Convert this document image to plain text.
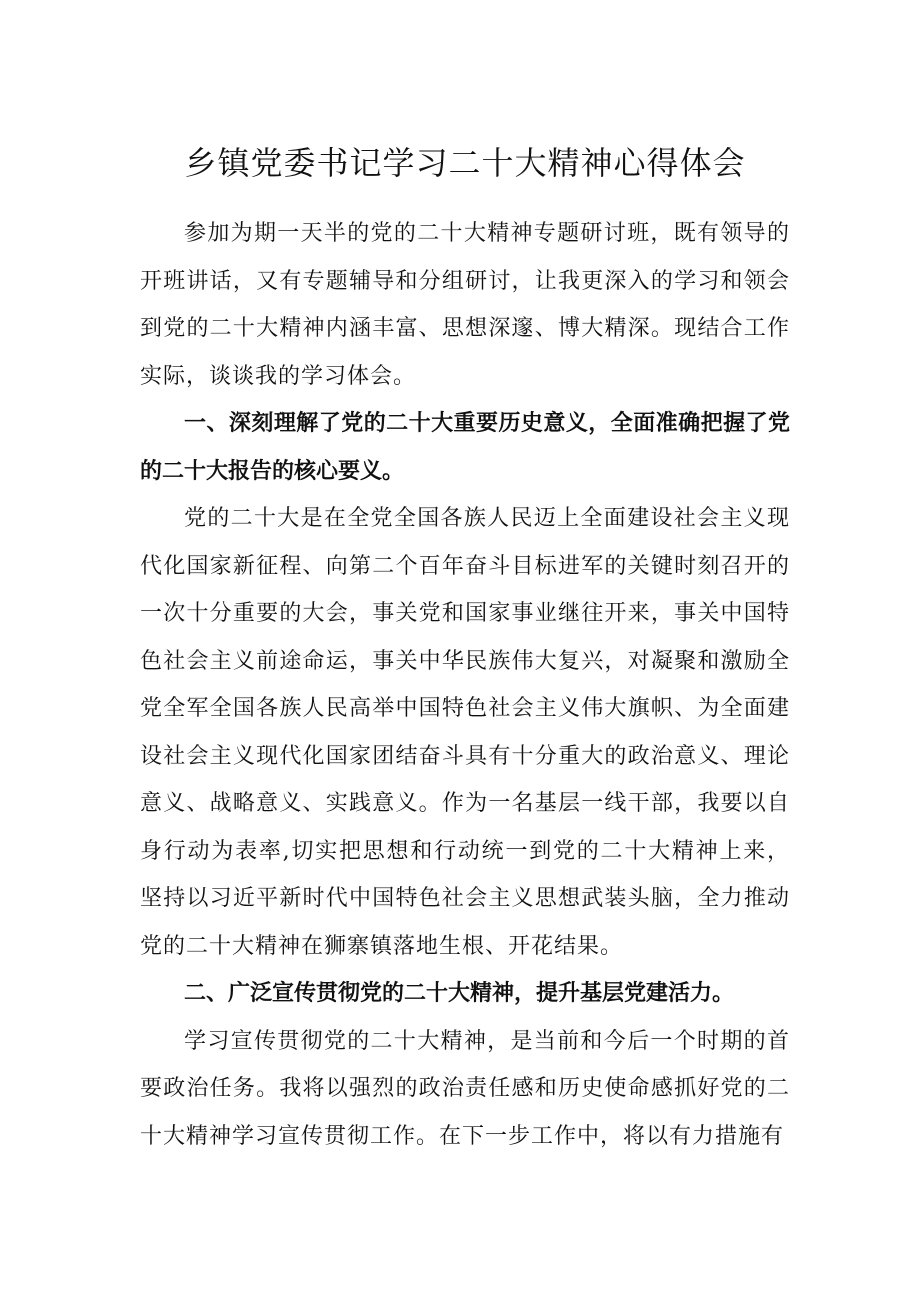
乡镇党委书记学习二十大精神心得体会

参加为期一天半的党的二十大精神专题研讨班，既有领导的开班讲话，又有专题辅导和分组研讨，让我更深入的学习和领会到党的二十大精神内涵丰富、思想深邃、博大精深。现结合工作实际，谈谈我的学习体会。

一、深刻理解了党的二十大重要历史意义，全面准确把握了党的二十大报告的核心要义。

党的二十大是在全党全国各族人民迈上全面建设社会主义现代化国家新征程、向第二个百年奋斗目标进军的关键时刻召开的一次十分重要的大会，事关党和国家事业继往开来，事关中国特色社会主义前途命运，事关中华民族伟大复兴，对凝聚和激励全党全军全国各族人民高举中国特色社会主义伟大旗帜、为全面建设社会主义现代化国家团结奋斗具有十分重大的政治意义、理论意义、战略意义、实践意义。作为一名基层一线干部，我要以自身行动为表率,切实把思想和行动统一到党的二十大精神上来，坚持以习近平新时代中国特色社会主义思想武装头脑，全力推动党的二十大精神在狮寨镇落地生根、开花结果。

二、广泛宣传贯彻党的二十大精神，提升基层党建活力。

学习宣传贯彻党的二十大精神，是当前和今后一个时期的首要政治任务。我将以强烈的政治责任感和历史使命感抓好党的二十大精神学习宣传贯彻工作。在下一步工作中，将以有力措施有
